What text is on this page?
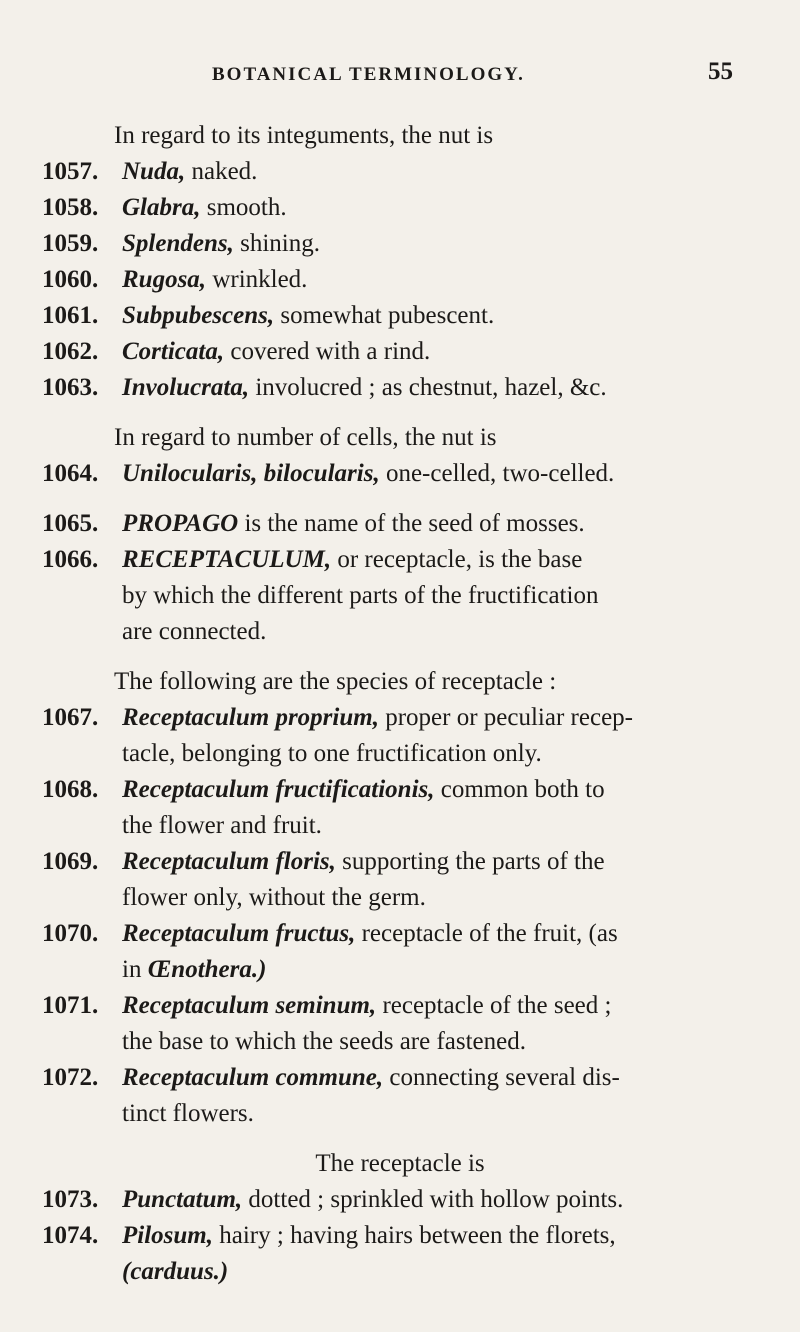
BOTANICAL TERMINOLOGY.	55
In regard to its integuments, the nut is
1057. Nuda, naked.
1058. Glabra, smooth.
1059. Splendens, shining.
1060. Rugosa, wrinkled.
1061. Subpubescens, somewhat pubescent.
1062. Corticata, covered with a rind.
1063. Involucrata, involucred ; as chestnut, hazel, &c.
In regard to number of cells, the nut is
1064. Unilocularis, bilocularis, one-celled, two-celled.
1065. PROPAGO is the name of the seed of mosses.
1066. RECEPTACULUM, or receptacle, is the base
by which the different parts of the fructification
are connected.
The following are the species of receptacle :
1067. Receptaculum proprium, proper or peculiar recep-
tacle, belonging to one fructification only.
1068. Receptaculum fructificationis, common both to
the flower and fruit.
1069. Receptaculum floris, supporting the parts of the
flower only, without the germ.
1070. Receptaculum fructus, receptacle of the fruit, (as
in Œnothera.)
1071. Receptaculum seminum, receptacle of the seed ;
the base to which the seeds are fastened.
1072. Receptaculum commune, connecting several dis-
tinct flowers.
The receptacle is
1073. Punctatum, dotted ; sprinkled with hollow points.
1074. Pilosum, hairy ; having hairs between the florets,
(carduus.)
